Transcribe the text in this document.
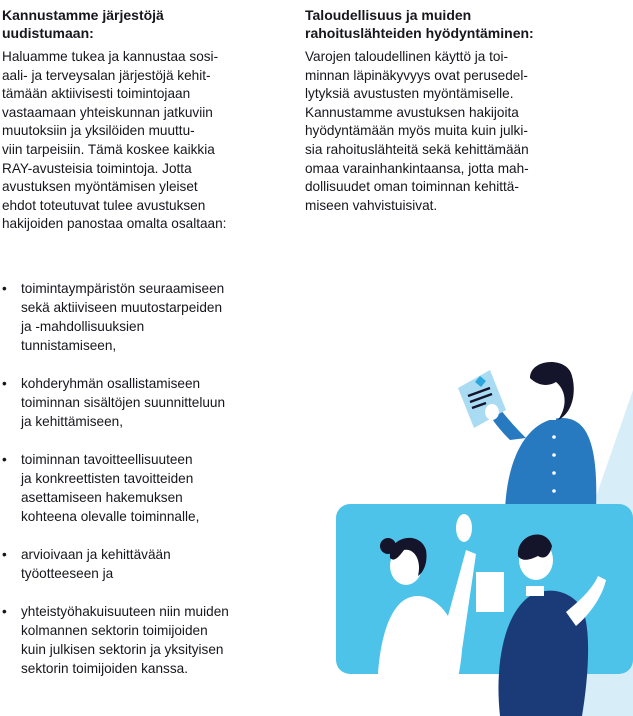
Kannustamme järjestöjä
uudistumaan:

Haluamme tukea ja kannustaa sosi-
aali- ja terveysalan järjestöjä kehit-
tämään aktiivisesti toimintojaan
vastaamaan yhteiskunnan jatkuviin
muutoksiin ja yksilöiden muuttu-
viin tarpeisiin. Tämä koskee kaikkia
RAY-avusteisia toimintoja. Jotta
avustuksen myöntämisen yleiset
ehdot toteutuvat tulee avustuksen
hakijoiden panostaa omalta osaltaan:

• toimintaympäristön seuraamiseen
sekä aktiiviseen muutostarpeiden
ja -mahdollisuuksien
tunnistamiseen,
• kohderyhmän osallistamiseen
toiminnan sisältöjen suunnitteluun
ja kehittämiseen,
• toiminnan tavoitteellisuuteen
ja konkreettisten tavoitteiden
asettamiseen hakemuksen
kohteena olevalle toiminnalle,
• arvioivaan ja kehittävään
työotteeseen ja
• yhteistyöhakuisuuteen niin muiden
kolmannen sektorin toimijoiden
kuin julkisen sektorin ja yksityisen
sektorin toimijoiden kanssa.
Taloudellisuus ja muiden
rahoituslähteiden hyödyntäminen:

Varojen taloudellinen käyttö ja toi-
minnan läpinäkyvyys ovat perusedel-
lytyksiä avustusten myöntämiselle.
Kannustamme avustuksen hakijoita
hyödyntämään myös muita kuin julki-
sia rahoituslähteitä sekä kehittämään
omaa varainhankintaansa, jotta mah-
dollisuudet oman toiminnan kehittä-
miseen vahvistuisivat.
